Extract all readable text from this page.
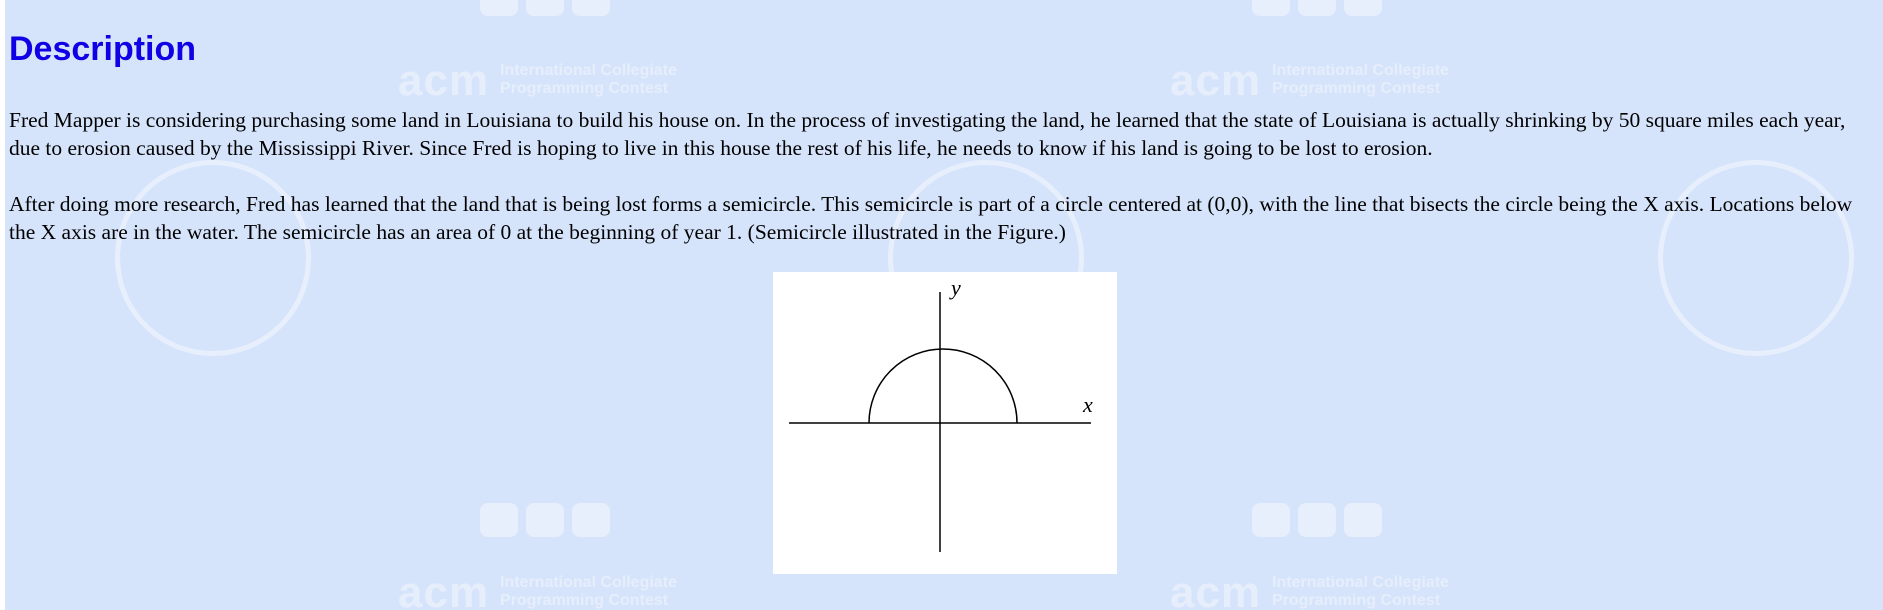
acm International Collegiate
Programming Contest	acm International Collegiate
Programming Contest
acm International Collegiate
Programming Contest	acm International Collegiate
Programming Contest
Description

Fred Mapper is considering purchasing some land in Louisiana to build his house on. In the process of investigating the land, he learned that the state of Louisiana is actually shrinking by 50 square miles each year, due to erosion caused by the Mississippi River. Since Fred is hoping to live in this house the rest of his life, he needs to know if his land is going to be lost to erosion.

After doing more research, Fred has learned that the land that is being lost forms a semicircle. This semicircle is part of a circle centered at (0,0), with the line that bisects the circle being the X axis. Locations below the X axis are in the water. The semicircle has an area of 0 at the beginning of year 1. (Semicircle illustrated in the Figure.)

y
x
